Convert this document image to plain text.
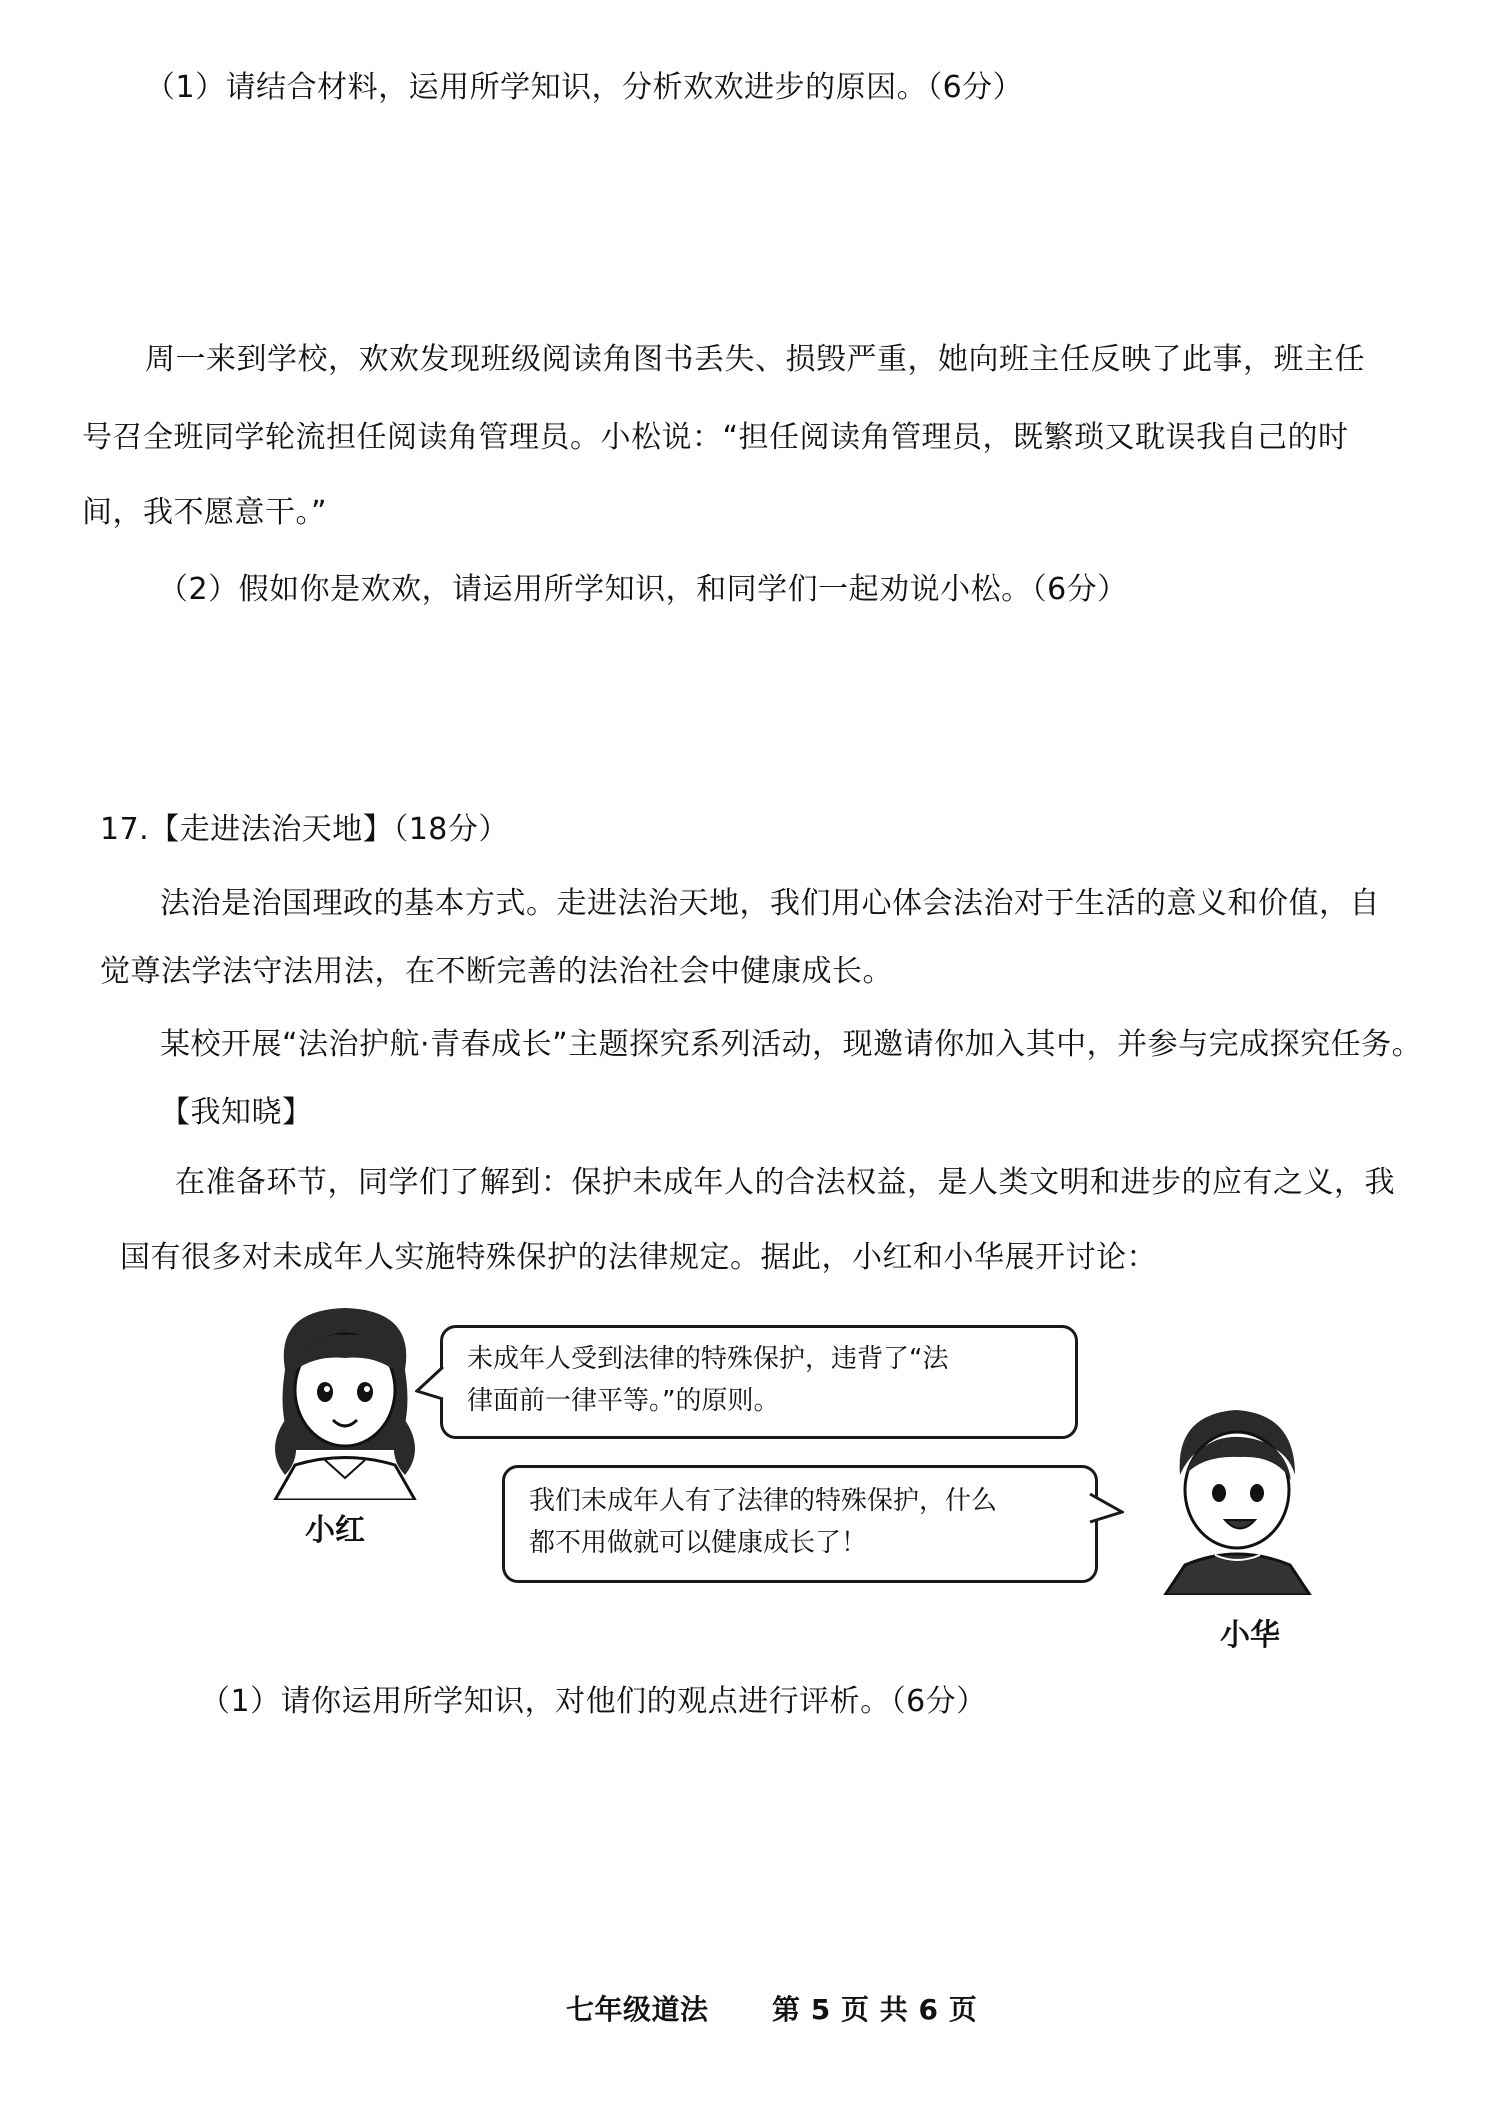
（1）请结合材料，运用所学知识，分析欢欢进步的原因。（6分）
周一来到学校，欢欢发现班级阅读角图书丢失、损毁严重，她向班主任反映了此事，班主任
号召全班同学轮流担任阅读角管理员。小松说：“担任阅读角管理员，既繁琐又耽误我自己的时
间，我不愿意干。”
（2）假如你是欢欢，请运用所学知识，和同学们一起劝说小松。（6分）
17.【走进法治天地】（18分）
法治是治国理政的基本方式。走进法治天地，我们用心体会法治对于生活的意义和价值，自
觉尊法学法守法用法，在不断完善的法治社会中健康成长。
某校开展“法治护航·青春成长”主题探究系列活动，现邀请你加入其中，并参与完成探究任务。
【我知晓】
在准备环节，同学们了解到：保护未成年人的合法权益，是人类文明和进步的应有之义，我
国有很多对未成年人实施特殊保护的法律规定。据此，小红和小华展开讨论：
小红
未成年人受到法律的特殊保护，违背了“法
律面前一律平等。”的原则。
我们未成年人有了法律的特殊保护，什么
都不用做就可以健康成长了！
小华
（1）请你运用所学知识，对他们的观点进行评析。（6分）
七年级道法 第 5 页 共 6 页
